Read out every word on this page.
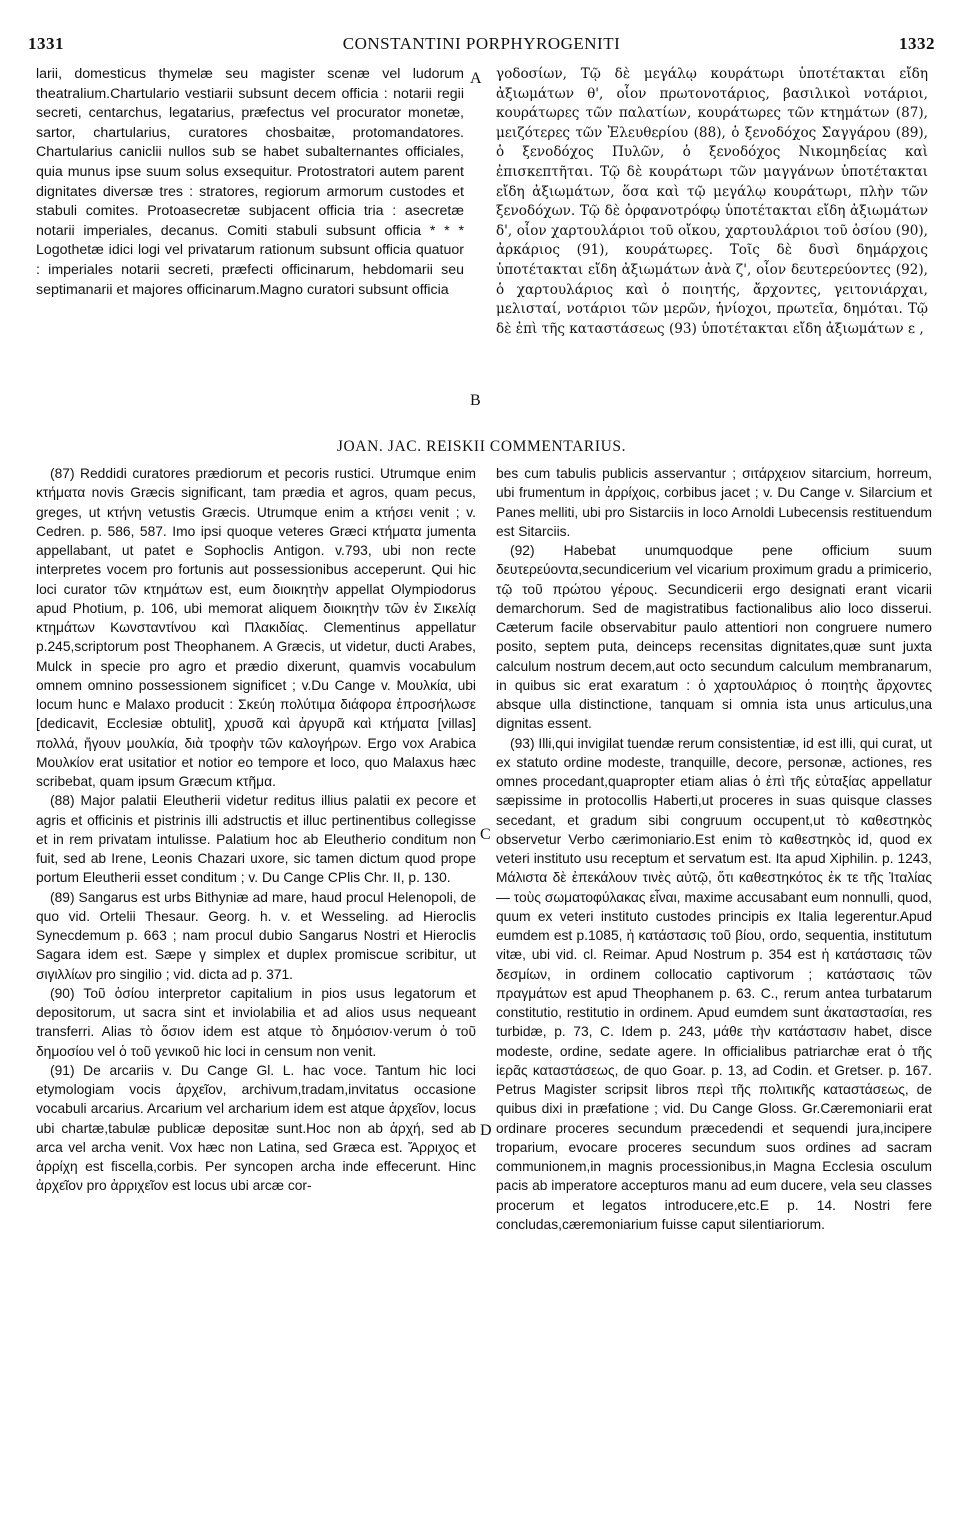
1331	CONSTANTINI PORPHYROGENITI	1332
larii, domesticus thymelæ seu magister scenæ vel ludorum theatralium.Chartulario vestiarii subsunt decem officia : notarii regii secreti, centarchus, legatarius, præfectus vel procurator monetæ, sartor, chartularius, curatores chosbaitæ, protomandatores. Chartularius caniclii nullos sub se habet subalternantes officiales, quia munus ipse suum solus exsequitur. Protostratori autem parent dignitates diversæ tres : stratores, regiorum armorum custodes et stabuli comites. Protoasecretæ subjacent officia tria : asecretæ notarii imperiales, decanus. Comiti stabuli subsunt officia * * * Logothetæ idici logi vel privatarum rationum subsunt officia quatuor : imperiales notarii secreti, præfecti officinarum, hebdomarii seu septimanarii et majores officinarum.Magno curatori subsunt officia
γοδοσίων, Τῷ δὲ μεγάλῳ κουράτωρι ὑποτέτακται εἴδη ἀξιωμάτων θ', οἷον πρωτονοτάριος, βασιλικοὶ νοτάριοι, κουράτωρες τῶν παλατίων, κουράτωρες τῶν κτημάτων (87), μειζότερες τῶν Ἐλευθερίου (88), ὁ ξενοδόχος Σαγγάρου (89), ὁ ξενοδόχος Πυλῶν, ὁ ξενοδόχος Νικομηδείας καὶ ἐπισκεπτῆται. Τῷ δὲ κουράτωρι τῶν μαγγάνων ὑποτέτακται εἴδη ἀξιωμάτων, ὅσα καὶ τῷ μεγάλῳ κουράτωρι, πλὴν τῶν ξενοδόχων. Τῷ δὲ ὀρφανοτρόφῳ ὑποτέτακται εἴδη ἀξιωμάτων δ', οἷον χαρτουλάριοι τοῦ οἴκου, χαρτουλάριοι τοῦ ὁσίου (90), ἀρκάριος (91), κουράτωρες. Τοῖς δὲ δυσὶ δημάρχοις ὑποτέτακται εἴδη ἀξιωμάτων ἀνὰ ζ', οἷον δευτερεύοντες (92), ὁ χαρτουλάριος καὶ ὁ ποιητής, ἄρχοντες, γειτονιάρχαι, μελισταί, νοτάριοι τῶν μερῶν, ἡνίοχοι, πρωτεῖα, δημόται. Τῷ δὲ ἐπὶ τῆς καταστάσεως (93) ὑποτέτακται εἴδη ἀξιωμάτων ε ,
A
B
C
D
JOAN. JAC. REISKII COMMENTARIUS.

(87) Reddidi curatores prædiorum et pecoris rustici. Utrumque enim κτήματα novis Græcis significant, tam prædia et agros, quam pecus, greges, ut κτήνη vetustis Græcis. Utrumque enim a κτήσει venit ; v. Cedren. p. 586, 587. Imo ipsi quoque veteres Græci κτήματα jumenta appellabant, ut patet e Sophoclis Antigon. v.793, ubi non recte interpretes vocem pro fortunis aut possessionibus acceperunt. Qui hic loci curator τῶν κτημάτων est, eum διοικητὴν appellat Olympiodorus apud Photium, p. 106, ubi memorat aliquem διοικητὴν τῶν ἐν Σικελίᾳ κτημάτων Κωνσταντίνου καὶ Πλακιδίας. Clementinus appellatur p.245,scriptorum post Theophanem. A Græcis, ut videtur, ducti Arabes, Mulck in specie pro agro et prædio dixerunt, quamvis vocabulum omnem omnino possessionem significet ; v.Du Cange v. Μουλκία, ubi locum hunc e Malaxo producit : Σκεύη πολύτιμα διάφορα ἐπροσήλωσε [dedicavit, Ecclesiæ obtulit], χρυσᾶ καὶ ἀργυρᾶ καὶ κτήματα [villas] πολλά, ἤγουν μουλκία, διὰ τροφὴν τῶν καλογήρων. Ergo vox Arabica Μουλκίον erat usitatior et notior eo tempore et loco, quo Malaxus hæc scribebat, quam ipsum Græcum κτῆμα.

(88) Major palatii Eleutherii videtur reditus illius palatii ex pecore et agris et officinis et pistrinis illi adstructis et illuc pertinentibus collegisse et in rem privatam intulisse. Palatium hoc ab Eleutherio conditum non fuit, sed ab Irene, Leonis Chazari uxore, sic tamen dictum quod prope portum Eleutherii esset conditum ; v. Du Cange CPlis Chr. II, p. 130.

(89) Sangarus est urbs Bithyniæ ad mare, haud procul Helenopoli, de quo vid. Ortelii Thesaur. Georg. h. v. et Wesseling. ad Hieroclis Synecdemum p. 663 ; nam procul dubio Sangarus Nostri et Hieroclis Sagara idem est. Sæpe γ simplex et duplex promiscue scribitur, ut σιγιλλίων pro singilio ; vid. dicta ad p. 371.

(90) Τοῦ ὁσίου interpretor capitalium in pios usus legatorum et depositorum, ut sacra sint et inviolabilia et ad alios usus nequeant transferri. Alias τὸ ὅσιον idem est atque τὸ δημόσιον·verum ὁ τοῦ δημοσίου vel ὁ τοῦ γενικοῦ hic loci in censum non venit.

(91) De arcariis v. Du Cange Gl. L. hac voce. Tantum hic loci etymologiam vocis ἀρχεῖον, archivum,tradam,invitatus occasione vocabuli arcarius. Arcarium vel archarium idem est atque ἀρχεῖον, locus ubi chartæ,tabulæ publicæ depositæ sunt.Hoc non ab ἀρχή, sed ab arca vel archa venit. Vox hæc non Latina, sed Græca est. Ἄρριχος et ἀρρίχη est fiscella,corbis. Per syncopen archa inde effecerunt. Hinc ἀρχεῖον pro ἀρριχεῖον est locus ubi arcæ cor-

bes cum tabulis publicis asservantur ; σιτάρχειον sitarcium, horreum, ubi frumentum in ἀρρίχοις, corbibus jacet ; v. Du Cange v. Silarcium et Panes melliti, ubi pro Sistarciis in loco Arnoldi Lubecensis restituendum est Sitarciis.

(92) Habebat unumquodque pene officium suum δευτερεύοντα,secundicerium vel vicarium proximum gradu a primicerio, τῷ τοῦ πρώτου γέρους. Secundicerii ergo designati erant vicarii demarchorum. Sed de magistratibus factionalibus alio loco disserui. Cæterum facile observabitur paulo attentiori non congruere numero posito, septem puta, deinceps recensitas dignitates,quæ sunt juxta calculum nostrum decem,aut octo secundum calculum membranarum, in quibus sic erat exaratum : ὁ χαρτουλάριος ὁ ποιητὴς ἄρχοντες absque ulla distinctione, tanquam si omnia ista unus articulus,una dignitas essent.

(93) Illi,qui invigilat tuendæ rerum consistentiæ, id est illi, qui curat, ut ex statuto ordine modeste, tranquille, decore, personæ, actiones, res omnes procedant,quapropter etiam alias ὁ ἐπὶ τῆς εὐταξίας appellatur sæpissime in protocollis Haberti,ut proceres in suas quisque classes secedant, et gradum sibi congruum occupent,ut τὸ καθεστηκὸς observetur Verbo cærimoniario.Est enim τὸ καθεστηκὸς id, quod ex veteri instituto usu receptum et servatum est. Ita apud Xiphilin. p. 1243, Μάλιστα δὲ ἐπεκάλουν τινὲς αὐτῷ, ὅτι καθεστηκότος ἐκ τε τῆς Ἰταλίας — τοὺς σωματοφύλακας εἶναι, maxime accusabant eum nonnulli, quod, quum ex veteri instituto custodes principis ex Italia legerentur.Apud eumdem est p.1085, ἡ κατάστασις τοῦ βίου, ordo, sequentia, institutum vitæ, ubi vid. cl. Reimar. Apud Nostrum p. 354 est ἡ κατάστασις τῶν δεσμίων, in ordinem collocatio captivorum ; κατάστασις τῶν πραγμάτων est apud Theophanem p. 63. C., rerum antea turbatarum constitutio, restitutio in ordinem. Apud eumdem sunt ἀκαταστασίαι, res turbidæ, p. 73, C. Idem p. 243, μάθε τὴν κατάστασιν habet, disce modeste, ordine, sedate agere. In officialibus patriarchæ erat ὁ τῆς ἱερᾶς καταστάσεως, de quo Goar. p. 13, ad Codin. et Gretser. p. 167. Petrus Magister scripsit libros περὶ τῆς πολιτικῆς καταστάσεως, de quibus dixi in præfatione ; vid. Du Cange Gloss. Gr.Cæremoniarii erat ordinare proceres secundum præcedendi et sequendi jura,incipere troparium, evocare proceres secundum suos ordines ad sacram communionem,in magnis processionibus,in Magna Ecclesia osculum pacis ab imperatore accepturos manu ad eum ducere, vela seu classes procerum et legatos introducere,etc.E p. 14. Nostri fere concludas,cæremoniarium fuisse caput silentiariorum.
